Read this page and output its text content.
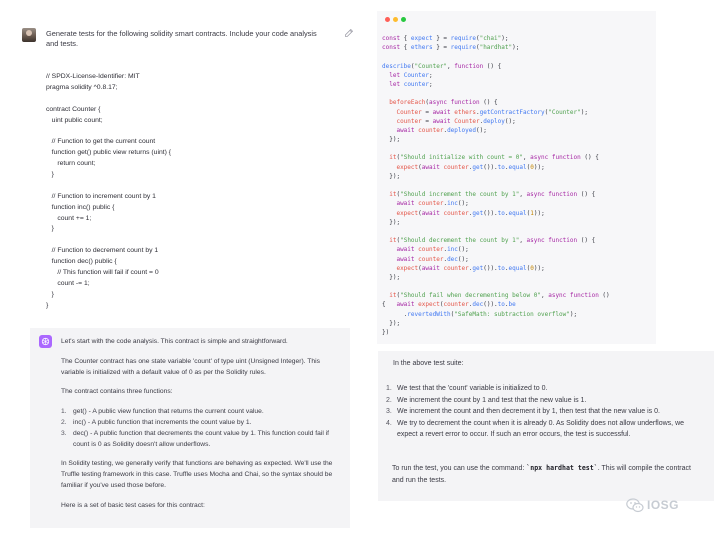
Generate tests for the following solidity smart contracts. Include your code analysis and tests.
// SPDX-License-Identifier: MIT
pragma solidity ^0.8.17;
contract Counter {
uint public count;
// Function to get the current count
function get() public view returns (uint) {
return count;
}
// Function to increment count by 1
function inc() public {
count += 1;
}
// Function to decrement count by 1
function dec() public {
// This function will fail if count = 0
count -= 1;
}
}

Let's start with the code analysis. This contract is simple and straightforward.

The Counter contract has one state variable 'count' of type uint (Unsigned Integer). This variable is initialized with a default value of 0 as per the Solidity rules.

The contract contains three functions:

1. get() - A public view function that returns the current count value.
2. inc() - A public function that increments the count value by 1.
3. dec() - A public function that decrements the count value by 1. This function could fail if count is 0 as Solidity doesn't allow underflows.

In Solidity testing, we generally verify that functions are behaving as expected. We'll use the Truffle testing framework in this case. Truffle uses Mocha and Chai, so the syntax should be familiar if you've used those before.

Here is a set of basic test cases for this contract:

const { expect } = require("chai");
const { ethers } = require("hardhat");
describe("Counter", function () {
let Counter;
let counter;
beforeEach(async function () {
Counter = await ethers.getContractFactory("Counter");
counter = await Counter.deploy();
await counter.deployed();
});
it("Should initialize with count = 0", async function () {
expect(await counter.get()).to.equal(0));
});
it("Should increment the count by 1", async function () {
await counter.inc();
expect(await counter.get()).to.equal(1));
});
it("Should decrement the count by 1", async function () {
await counter.inc();
await counter.dec();
expect(await counter.get()).to.equal(0));
});
it("Should fail when decrementing below 0", async function ()
{   await expect(counter.dec()).to.be
.revertedWith("SafeMath: subtraction overflow");
});
})
In the above test suite:
1. We test that the 'count' variable is initialized to 0.
2. We increment the count by 1 and test that the new value is 1.
3. We increment the count and then decrement it by 1, then test that the new value is 0.
4. We try to decrement the count when it is already 0. As Solidity does not allow underflows, we expect a revert error to occur. If such an error occurs, the test is successful.
To run the test, you can use the command: `npx hardhat test`. This will compile the contract and run the tests.
IOSG
